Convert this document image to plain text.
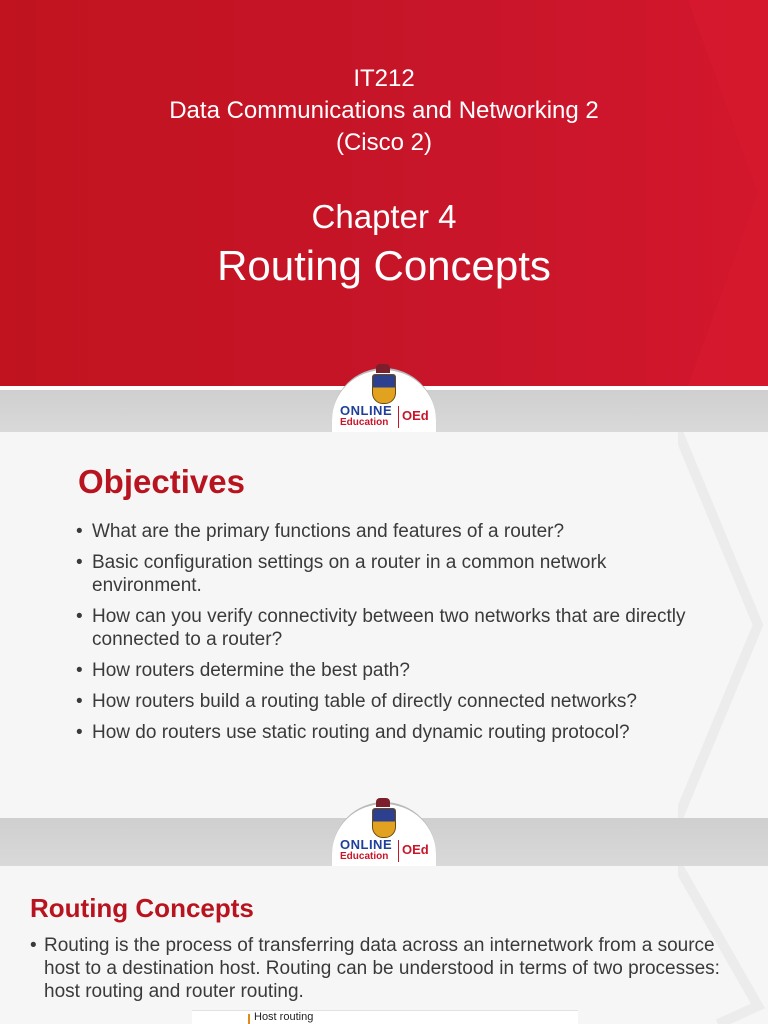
IT212
Data Communications and Networking 2
(Cisco 2)
Chapter 4
Routing Concepts
ONLINE
Education OEd
Objectives
• What are the primary functions and features of a router?
• Basic configuration settings on a router in a common network environment.
• How can you verify connectivity between two networks that are directly connected to a router?
• How routers determine the best path?
• How routers build a routing table of directly connected networks?
• How do routers use static routing and dynamic routing protocol?
ONLINE
Education OEd
Routing Concepts

• Routing is the process of transferring data across an internetwork from a source host to a destination host. Routing can be understood in terms of two processes: host routing and router routing.

Host routing
